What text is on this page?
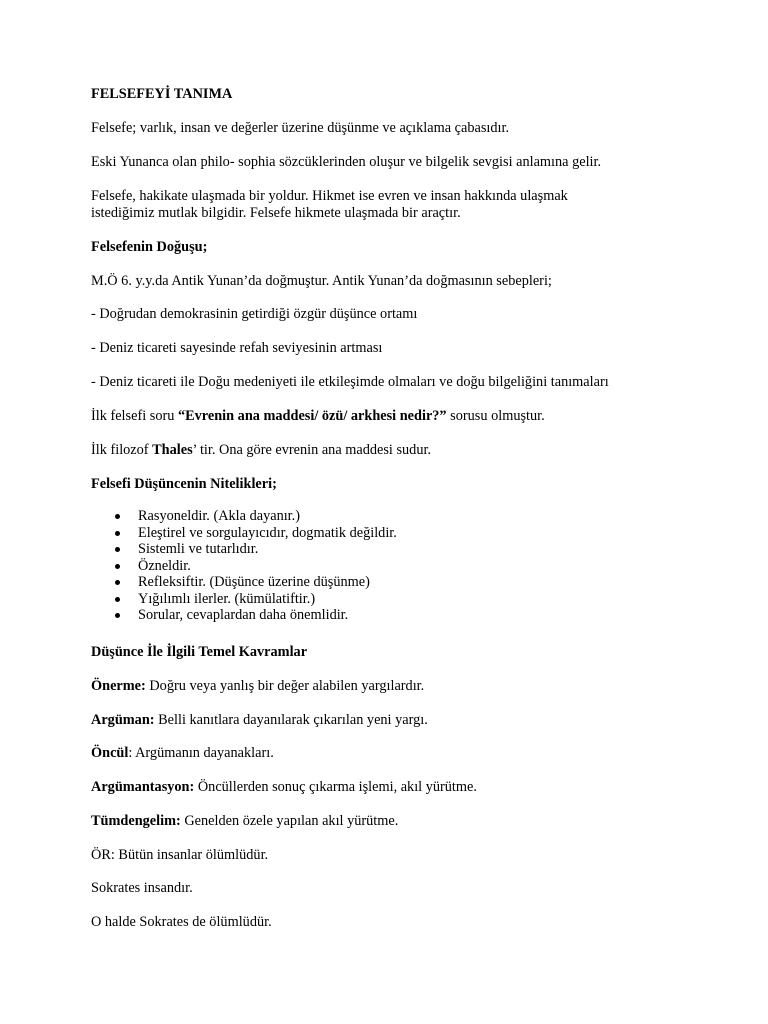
FELSEFEYİ TANIMA
Felsefe; varlık, insan ve değerler üzerine düşünme ve açıklama çabasıdır.
Eski Yunanca olan philo- sophia sözcüklerinden oluşur ve bilgelik sevgisi anlamına gelir.
Felsefe, hakikate ulaşmada bir yoldur. Hikmet ise evren ve insan hakkında ulaşmak
istediğimiz mutlak bilgidir. Felsefe hikmete ulaşmada bir araçtır.
Felsefenin Doğuşu;
M.Ö 6. y.y.da Antik Yunan’da doğmuştur. Antik Yunan’da doğmasının sebepleri;
- Doğrudan demokrasinin getirdiği özgür düşünce ortamı
- Deniz ticareti sayesinde refah seviyesinin artması
- Deniz ticareti ile Doğu medeniyeti ile etkileşimde olmaları ve doğu bilgeliğini tanımaları
İlk felsefi soru “Evrenin ana maddesi/ özü/ arkhesi nedir?” sorusu olmuştur.
İlk filozof Thales’ tir. Ona göre evrenin ana maddesi sudur.
Felsefi Düşüncenin Nitelikleri;
Rasyoneldir. (Akla dayanır.)
Eleştirel ve sorgulayıcıdır, dogmatik değildir.
Sistemli ve tutarlıdır.
Özneldir.
Refleksiftir. (Düşünce üzerine düşünme)
Yığılımlı ilerler. (kümülatiftir.)
Sorular, cevaplardan daha önemlidir.
Düşünce İle İlgili Temel Kavramlar
Önerme: Doğru veya yanlış bir değer alabilen yargılardır.
Argüman: Belli kanıtlara dayanılarak çıkarılan yeni yargı.
Öncül: Argümanın dayanakları.
Argümantasyon: Öncüllerden sonuç çıkarma işlemi, akıl yürütme.
Tümdengelim: Genelden özele yapılan akıl yürütme.
ÖR: Bütün insanlar ölümlüdür.
Sokrates insandır.
O halde Sokrates de ölümlüdür.
